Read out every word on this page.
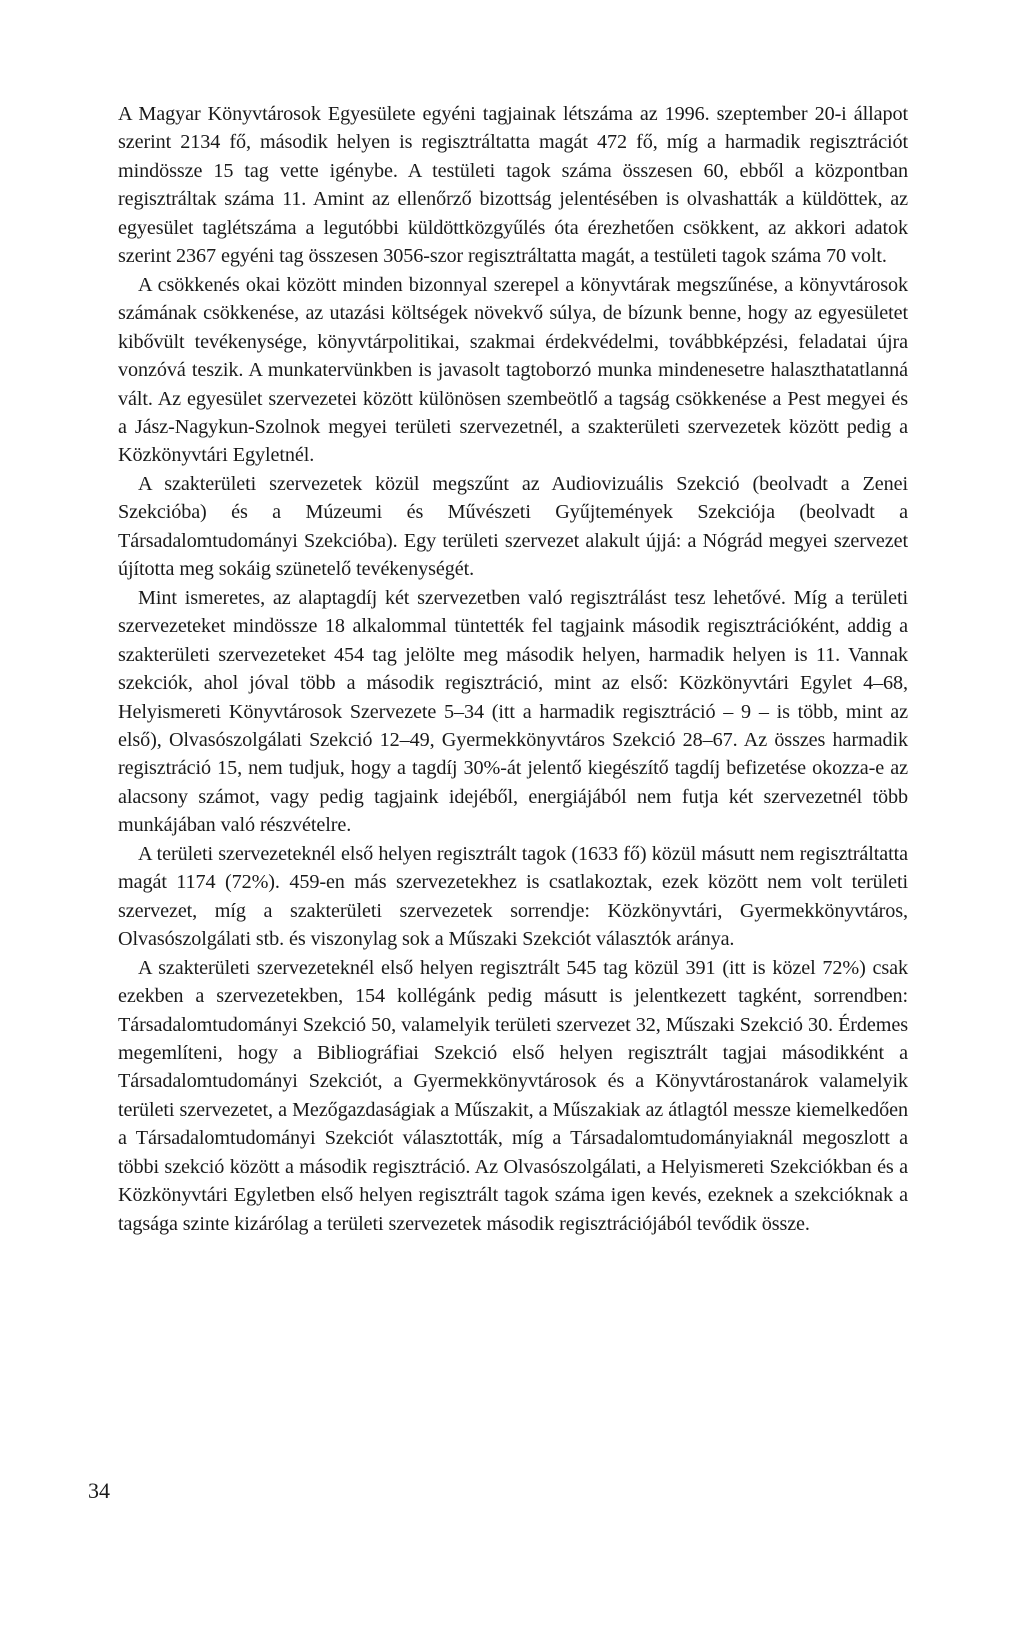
A Magyar Könyvtárosok Egyesülete egyéni tagjainak létszáma az 1996. szeptember 20-i állapot szerint 2134 fő, második helyen is regisztráltatta magát 472 fő, míg a harmadik regisztrációt mindössze 15 tag vette igénybe. A testületi tagok száma összesen 60, ebből a központban regisztráltak száma 11. Amint az ellenőrző bizottság jelentésében is olvashatták a küldöttek, az egyesület taglétszáma a legutóbbi küldöttközgyűlés óta érezhetően csökkent, az akkori adatok szerint 2367 egyéni tag összesen 3056-szor regisztráltatta magát, a testületi tagok száma 70 volt.

A csökkenés okai között minden bizonnyal szerepel a könyvtárak megszűnése, a könyvtárosok számának csökkenése, az utazási költségek növekvő súlya, de bízunk benne, hogy az egyesületet kibővült tevékenysége, könyvtárpolitikai, szakmai érdekvédelmi, továbbképzési, feladatai újra vonzóvá teszik. A munkatervünkben is javasolt tagtoborzó munka mindenesetre halaszthatatlanná vált. Az egyesület szervezetei között különösen szembeötlő a tagság csökkenése a Pest megyei és a Jász-Nagykun-Szolnok megyei területi szervezetnél, a szakterületi szervezetek között pedig a Közkönyvtári Egyletnél.

A szakterületi szervezetek közül megszűnt az Audiovizuális Szekció (beolvadt a Zenei Szekcióba) és a Múzeumi és Művészeti Gyűjtemények Szekciója (beolvadt a Társadalomtudományi Szekcióba). Egy területi szervezet alakult újjá: a Nógrád megyei szervezet újította meg sokáig szünetelő tevékenységét.

Mint ismeretes, az alaptagdíj két szervezetben való regisztrálást tesz lehetővé. Míg a területi szervezeteket mindössze 18 alkalommal tüntették fel tagjaink második regisztrációként, addig a szakterületi szervezeteket 454 tag jelölte meg második helyen, harmadik helyen is 11. Vannak szekciók, ahol jóval több a második regisztráció, mint az első: Közkönyvtári Egylet 4–68, Helyismereti Könyvtárosok Szervezete 5–34 (itt a harmadik regisztráció – 9 – is több, mint az első), Olvasószolgálati Szekció 12–49, Gyermekkönyvtáros Szekció 28–67. Az összes harmadik regisztráció 15, nem tudjuk, hogy a tagdíj 30%-át jelentő kiegészítő tagdíj befizetése okozza-e az alacsony számot, vagy pedig tagjaink idejéből, energiájából nem futja két szervezetnél több munkájában való részvételre.

A területi szervezeteknél első helyen regisztrált tagok (1633 fő) közül másutt nem regisztráltatta magát 1174 (72%). 459-en más szervezetekhez is csatlakoztak, ezek között nem volt területi szervezet, míg a szakterületi szervezetek sorrendje: Közkönyvtári, Gyermekkönyvtáros, Olvasószolgálati stb. és viszonylag sok a Műszaki Szekciót választók aránya.

A szakterületi szervezeteknél első helyen regisztrált 545 tag közül 391 (itt is közel 72%) csak ezekben a szervezetekben, 154 kollégánk pedig másutt is jelentkezett tagként, sorrendben: Társadalomtudományi Szekció 50, valamelyik területi szervezet 32, Műszaki Szekció 30. Érdemes megemlíteni, hogy a Bibliográfiai Szekció első helyen regisztrált tagjai másodikként a Társadalomtudományi Szekciót, a Gyermekkönyvtárosok és a Könyvtárostanárok valamelyik területi szervezetet, a Mezőgazdaságiak a Műszakit, a Műszakiak az átlagtól messze kiemelkedően a Társadalomtudományi Szekciót választották, míg a Társadalomtudományiaknál megoszlott a többi szekció között a második regisztráció. Az Olvasószolgálati, a Helyismereti Szekciókban és a Közkönyvtári Egyletben első helyen regisztrált tagok száma igen kevés, ezeknek a szekcióknak a tagsága szinte kizárólag a területi szervezetek második regisztrációjából tevődik össze.

34
